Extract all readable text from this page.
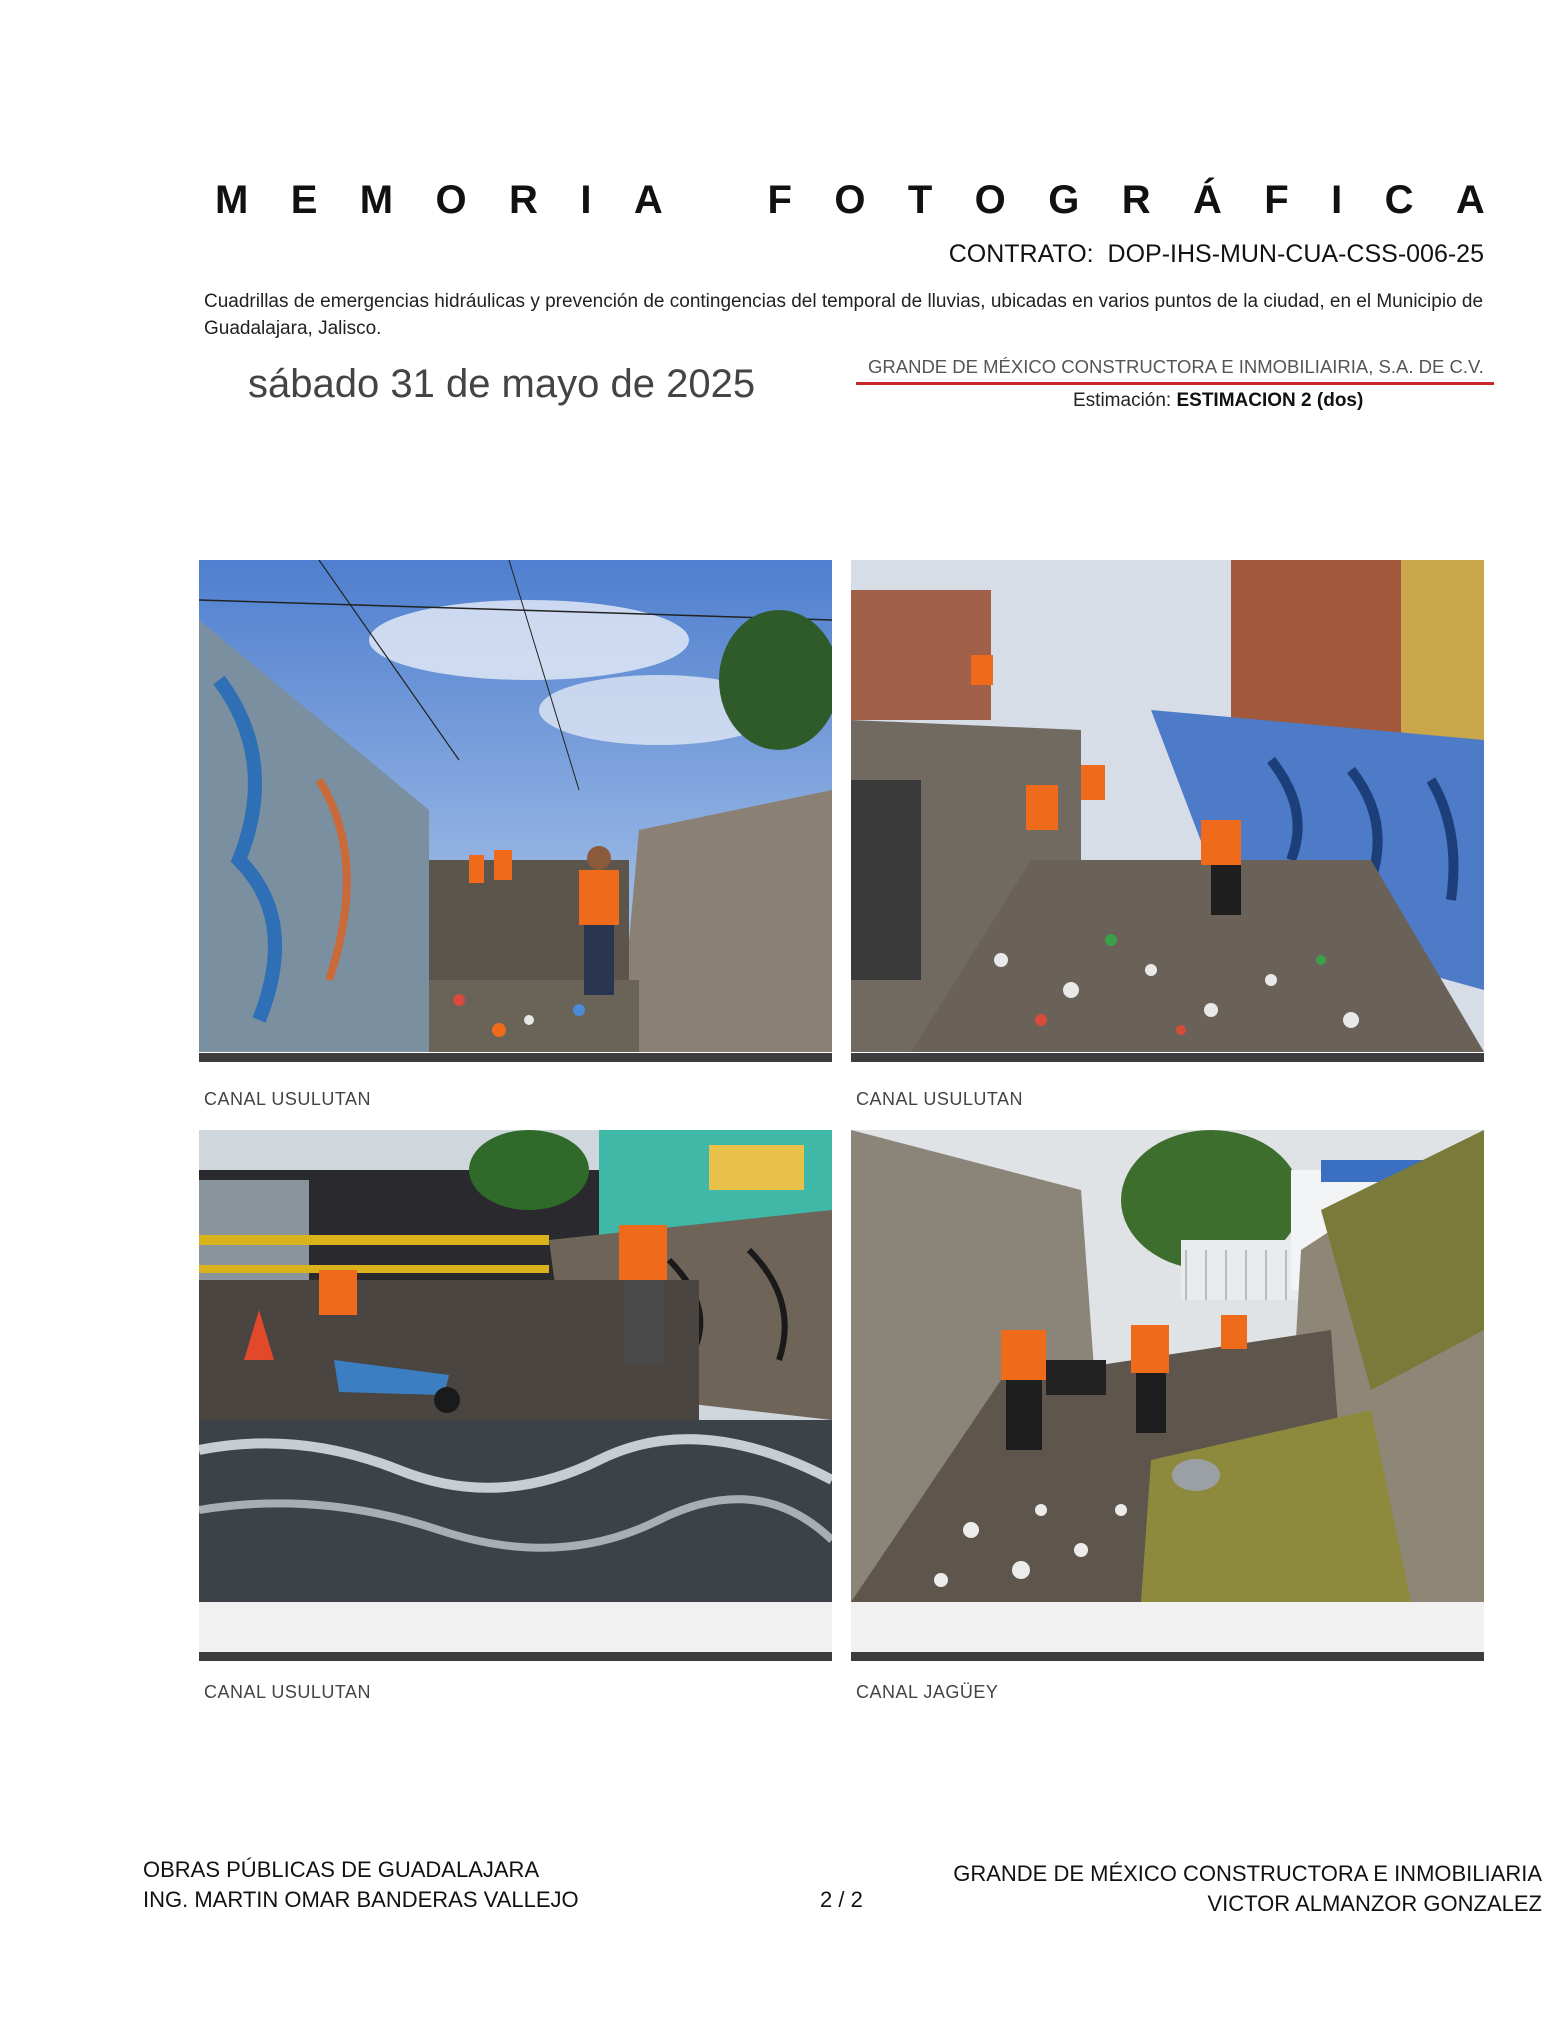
M E M O R I A	F O T O G R Á F I C A
CONTRATO: DOP-IHS-MUN-CUA-CSS-006-25
Cuadrillas de emergencias hidráulicas y prevención de contingencias del temporal de lluvias, ubicadas en varios puntos de la ciudad, en el Municipio de Guadalajara, Jalisco.
sábado 31 de mayo de 2025	GRANDE DE MÉXICO CONSTRUCTORA E INMOBILIAIRIA, S.A. DE C.V.
Estimación: ESTIMACION 2 (dos)
CANAL USULUTAN	CANAL USULUTAN
CANAL USULUTAN	CANAL JAGÜEY
OBRAS PÚBLICAS DE GUADALAJARA
ING. MARTIN OMAR BANDERAS VALLEJO	2 / 2
GRANDE DE MÉXICO CONSTRUCTORA E INMOBILIARIA
VICTOR ALMANZOR GONZALEZ
